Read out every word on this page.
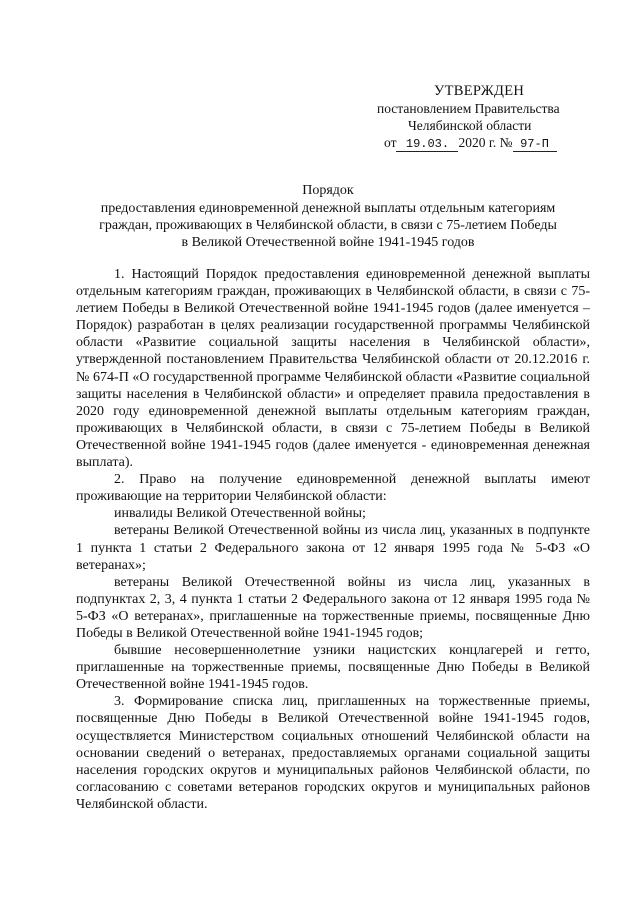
УТВЕРЖДЕН
постановлением Правительства
Челябинской области
от 19.03. 2020 г. № 97-П
Порядок
предоставления единовременной денежной выплаты отдельным категориям
граждан, проживающих в Челябинской области, в связи с 75-летием Победы
в Великой Отечественной войне 1941-1945 годов

1. Настоящий Порядок предоставления единовременной денежной выплаты отдельным категориям граждан, проживающих в Челябинской области, в связи с 75-летием Победы в Великой Отечественной войне 1941-1945 годов (далее именуется – Порядок) разработан в целях реализации государственной программы Челябинской области «Развитие социальной защиты населения в Челябинской области», утвержденной постановлением Правительства Челябинской области от 20.12.2016 г. № 674-П «О государственной программе Челябинской области «Развитие социальной защиты населения в Челябинской области» и определяет правила предоставления в 2020 году единовременной денежной выплаты отдельным категориям граждан, проживающих в Челябинской области, в связи с 75-летием Победы в Великой Отечественной войне 1941-1945 годов (далее именуется - единовременная денежная выплата).

2. Право на получение единовременной денежной выплаты имеют проживающие на территории Челябинской области:

инвалиды Великой Отечественной войны;

ветераны Великой Отечественной войны из числа лиц, указанных в подпункте 1 пункта 1 статьи 2 Федерального закона от 12 января 1995 года № 5-ФЗ «О ветеранах»;

ветераны Великой Отечественной войны из числа лиц, указанных в подпунктах 2, 3, 4 пункта 1 статьи 2 Федерального закона от 12 января 1995 года № 5-ФЗ «О ветеранах», приглашенные на торжественные приемы, посвященные Дню Победы в Великой Отечественной войне 1941-1945 годов;

бывшие несовершеннолетние узники нацистских концлагерей и гетто, приглашенные на торжественные приемы, посвященные Дню Победы в Великой Отечественной войне 1941-1945 годов.

3. Формирование списка лиц, приглашенных на торжественные приемы, посвященные Дню Победы в Великой Отечественной войне 1941-1945 годов, осуществляется Министерством социальных отношений Челябинской области на основании сведений о ветеранах, предоставляемых органами социальной защиты населения городских округов и муниципальных районов Челябинской области, по согласованию с советами ветеранов городских округов и муниципальных районов Челябинской области.
